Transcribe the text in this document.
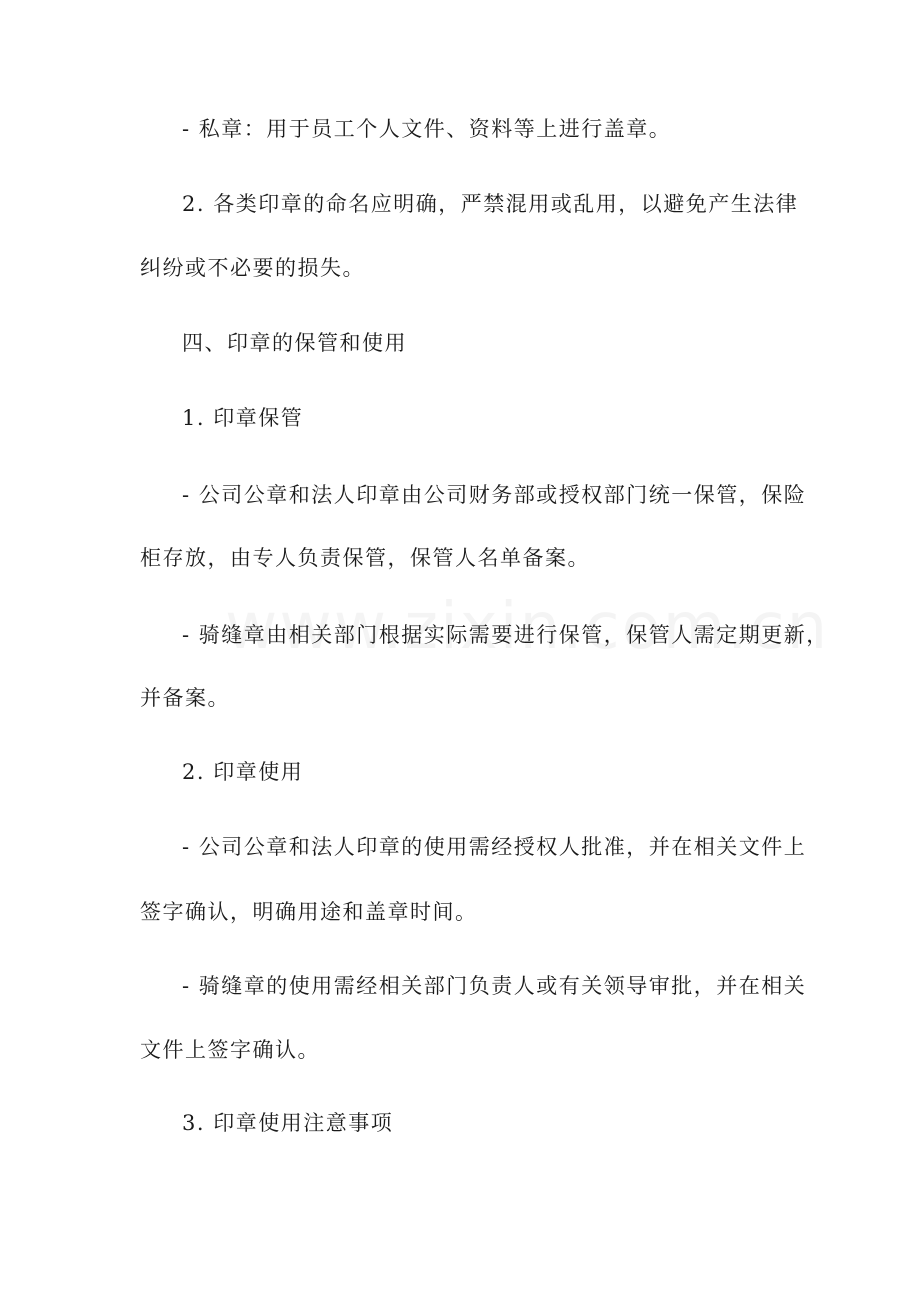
- 私章：用于员工个人文件、资料等上进行盖章。
2. 各类印章的命名应明确，严禁混用或乱用，以避免产生法律
纠纷或不必要的损失。
四、印章的保管和使用
1. 印章保管
- 公司公章和法人印章由公司财务部或授权部门统一保管，保险
柜存放，由专人负责保管，保管人名单备案。
- 骑缝章由相关部门根据实际需要进行保管，保管人需定期更新，
并备案。
2. 印章使用
- 公司公章和法人印章的使用需经授权人批准，并在相关文件上
签字确认，明确用途和盖章时间。
- 骑缝章的使用需经相关部门负责人或有关领导审批，并在相关
文件上签字确认。
3. 印章使用注意事项
